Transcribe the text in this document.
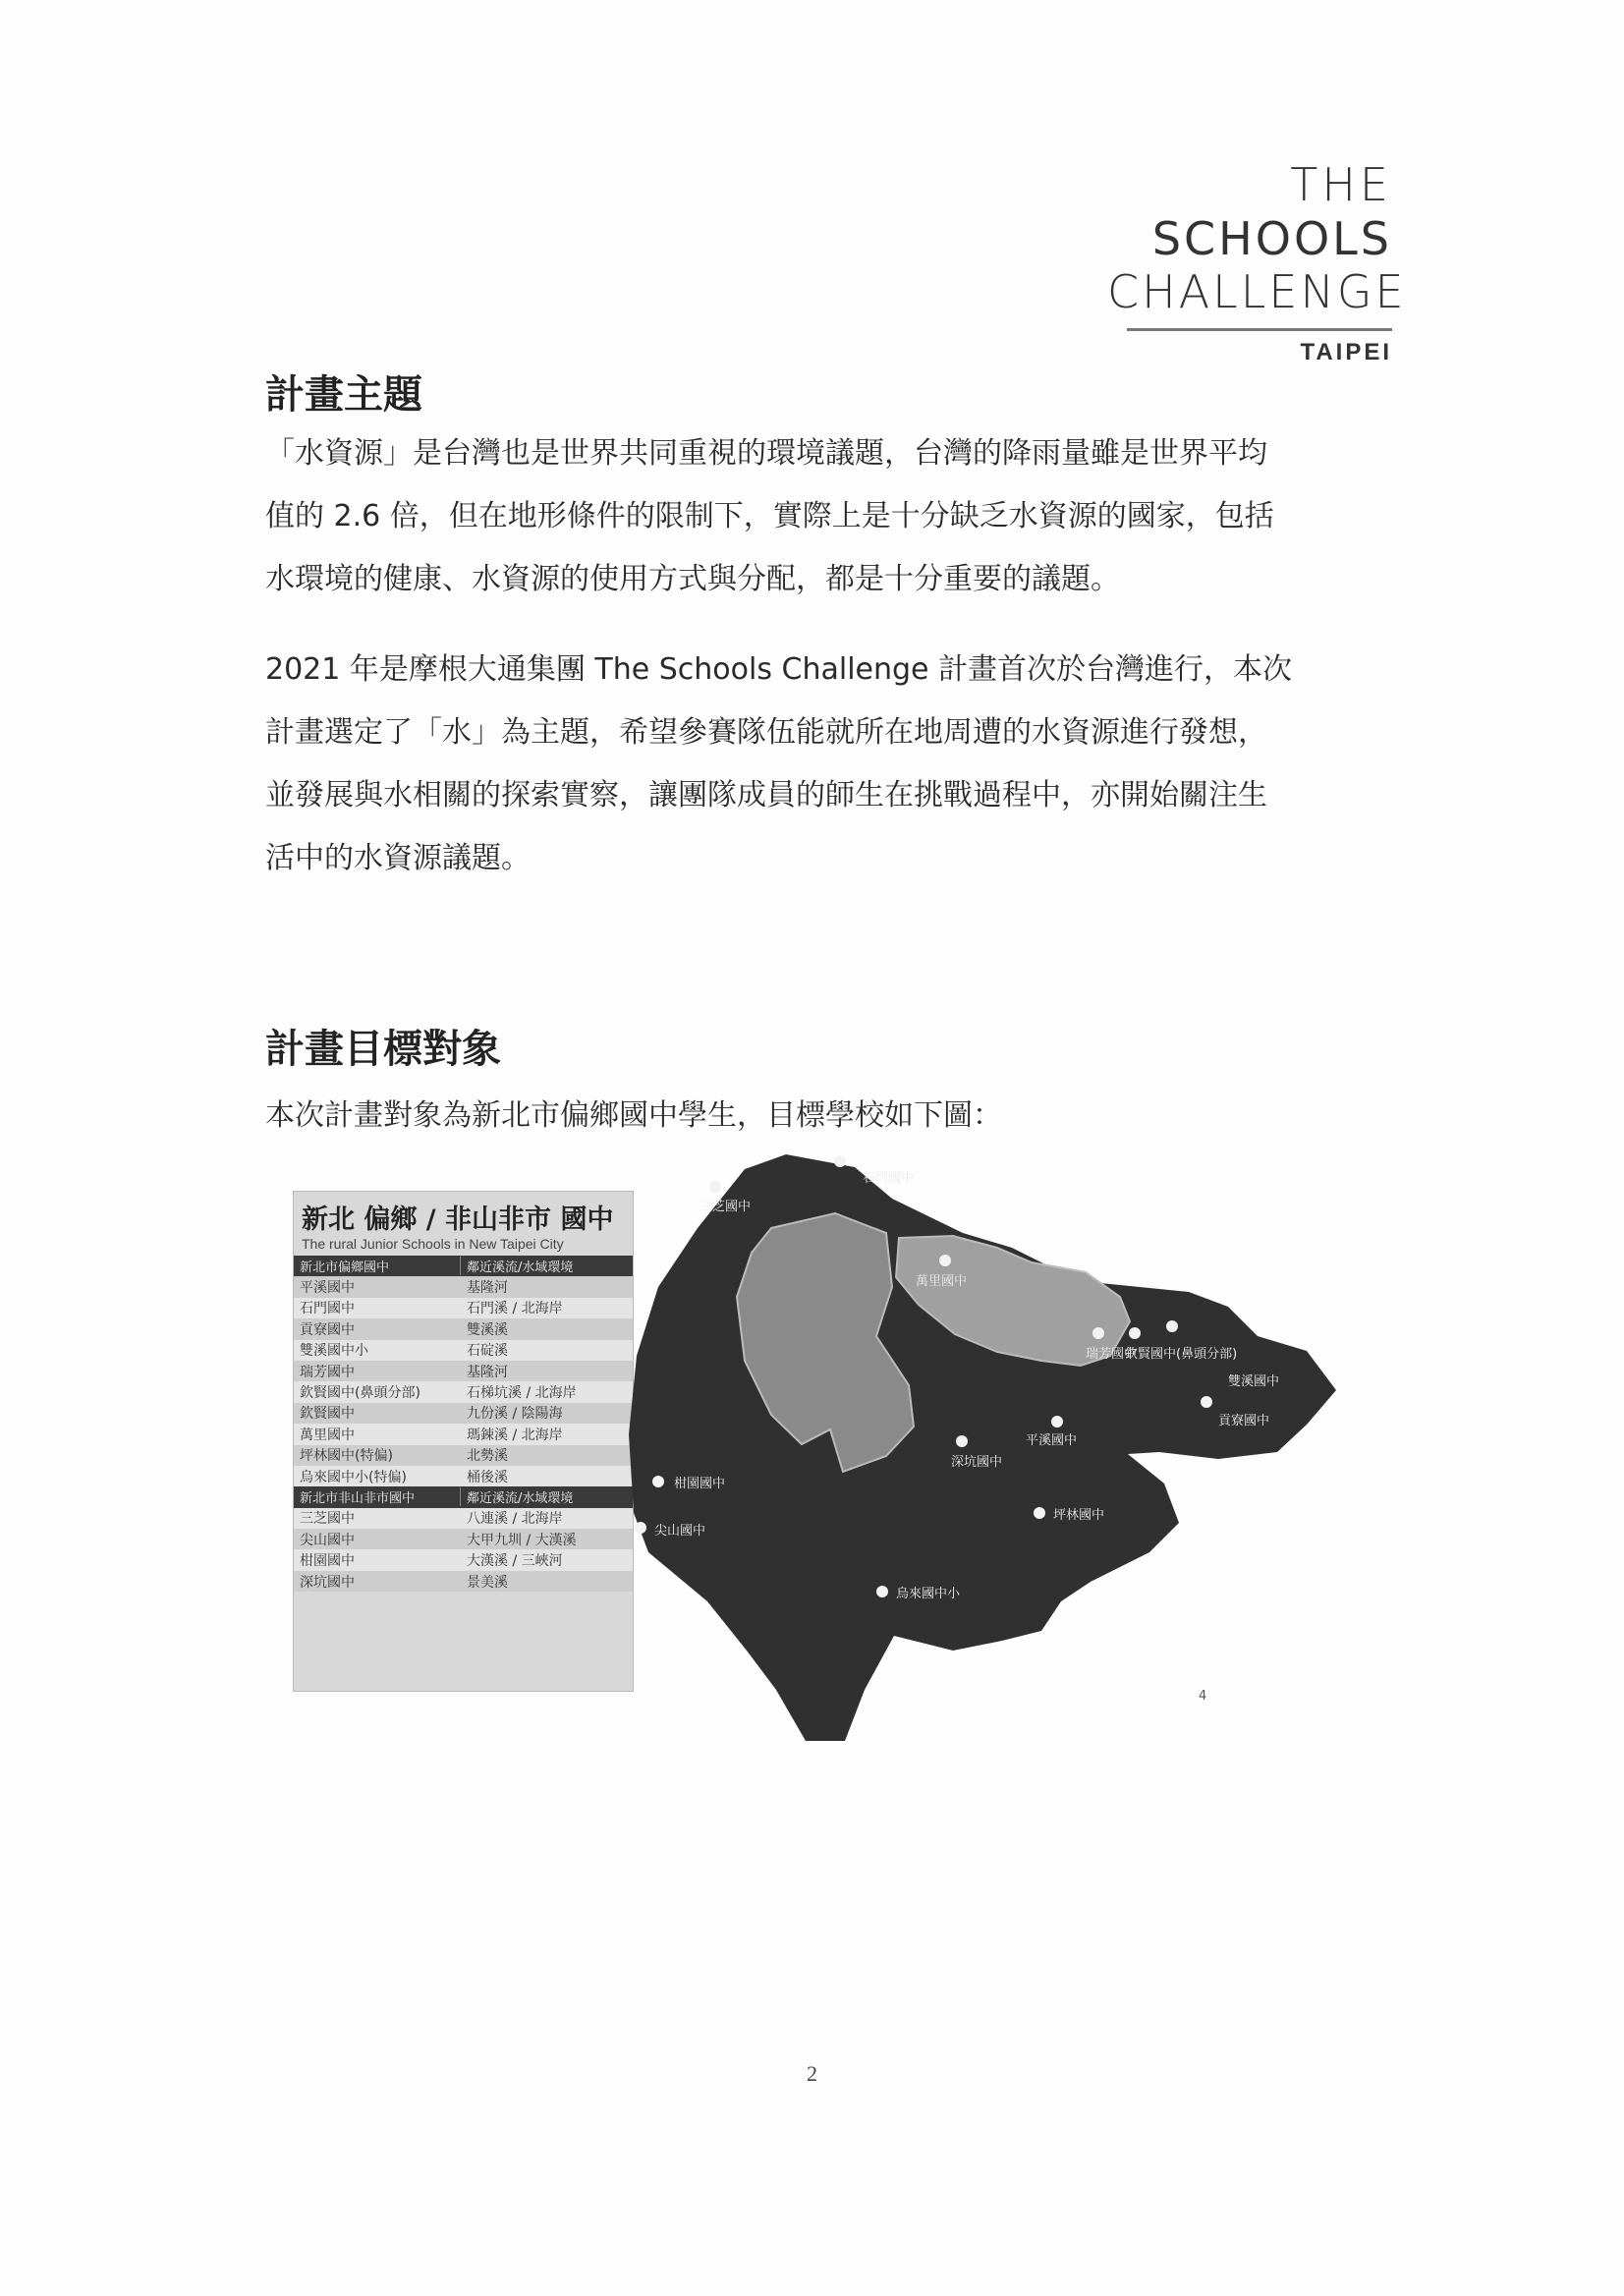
THE
SCHOOLS
CHALLENGE
TAIPEI
計畫主題
「水資源」是台灣也是世界共同重視的環境議題，台灣的降雨量雖是世界平均
值的 2.6 倍，但在地形條件的限制下，實際上是十分缺乏水資源的國家，包括
水環境的健康、水資源的使用方式與分配，都是十分重要的議題。
2021 年是摩根大通集團 The Schools Challenge 計畫首次於台灣進行，本次
計畫選定了「水」為主題，希望參賽隊伍能就所在地周遭的水資源進行發想，
並發展與水相關的探索實察，讓團隊成員的師生在挑戰過程中，亦開始關注生
活中的水資源議題。
計畫目標對象

本次計畫對象為新北市偏鄉國中學生，目標學校如下圖：

新北 偏鄉 / 非山非市 國中
The rural Junior Schools in New Taipei City
新北市偏鄉國中	鄰近溪流/水域環境
平溪國中	基隆河
石門國中	石門溪 / 北海岸
貢寮國中	雙溪溪
雙溪國中小	石碇溪
瑞芳國中	基隆河
欽賢國中(鼻頭分部)	石梯坑溪 / 北海岸
欽賢國中	九份溪 / 陰陽海
萬里國中	瑪鋉溪 / 北海岸
坪林國中(特偏)	北勢溪
烏來國中小(特偏)	桶後溪
新北市非山非市國中	鄰近溪流/水域環境
三芝國中	八連溪 / 北海岸
尖山國中	大甲九圳 / 大漢溪
柑園國中	大漢溪 / 三峽河
深坑國中	景美溪
石門國中
三芝國中
萬里國中
瑞芳國中
欽賢國中(鼻頭分部)
雙溪國中
貢寮國中
平溪國中
深坑國中
柑園國中
尖山國中
坪林國中
烏來國中小
4
2
